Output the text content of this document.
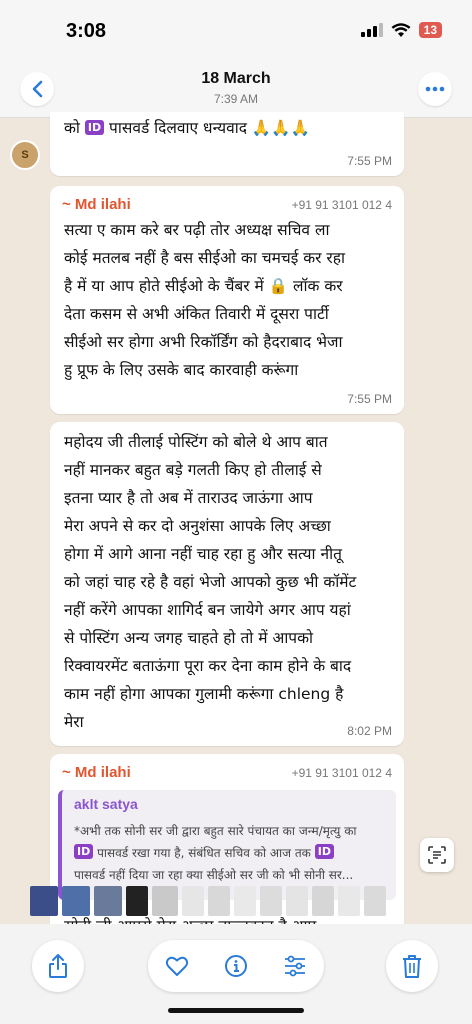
3:08	13
18 March
7:39 AM
को ID पासवर्ड दिलवाए धन्यवाद 🙏🙏🙏
7:55 PM
S
~ Md ilahi	+91 91 3101 012 4
सत्या ए काम करे बर पढ़ी तोर अध्यक्ष सचिव ला
कोई मतलब नहीं है बस सीईओ का चमचई कर रहा
है में या आप होते सीईओ के चैंबर में 🔒 लॉक कर
देता कसम से अभी अंकित तिवारी में दूसरा पार्टी
सीईओ सर होगा अभी रिकॉर्डिंग को हैदराबाद भेजा
हु प्रूफ के लिए उसके बाद कारवाही करूंगा
7:55 PM
महोदय जी तीलाई पोस्टिंग को बोले थे आप बात
नहीं मानकर बहुत बड़े गलती किए हो तीलाई से
इतना प्यार है तो अब में ताराउद जाऊंगा आप
मेरा अपने से कर दो अनुशंसा आपके लिए अच्छा
होगा में आगे आना नहीं चाह रहा हु और सत्या नीतू
को जहां चाह रहे है वहां भेजो आपको कुछ भी कॉमेंट
नहीं करेंगे आपका शागिर्द बन जायेगे अगर आप यहां
से पोस्टिंग अन्य जगह चाहते हो तो में आपको
रिक्वायरमेंट बताऊंगा पूरा कर देना काम होने के बाद
काम नहीं होगा आपका गुलामी करूंगा chleng है
मेरा	8:02 PM
~ Md ilahi	+91 91 3101 012 4
aklt satya
*अभी तक सोनी सर जी द्वारा बहुत सारे पंचायत का जन्म/मृत्यु का
ID पासवर्ड रखा गया है, संबंधित सचिव को आज तक ID
पासवर्ड नहीं दिया जा रहा क्या सीईओ सर जी को भी सोनी सर...
